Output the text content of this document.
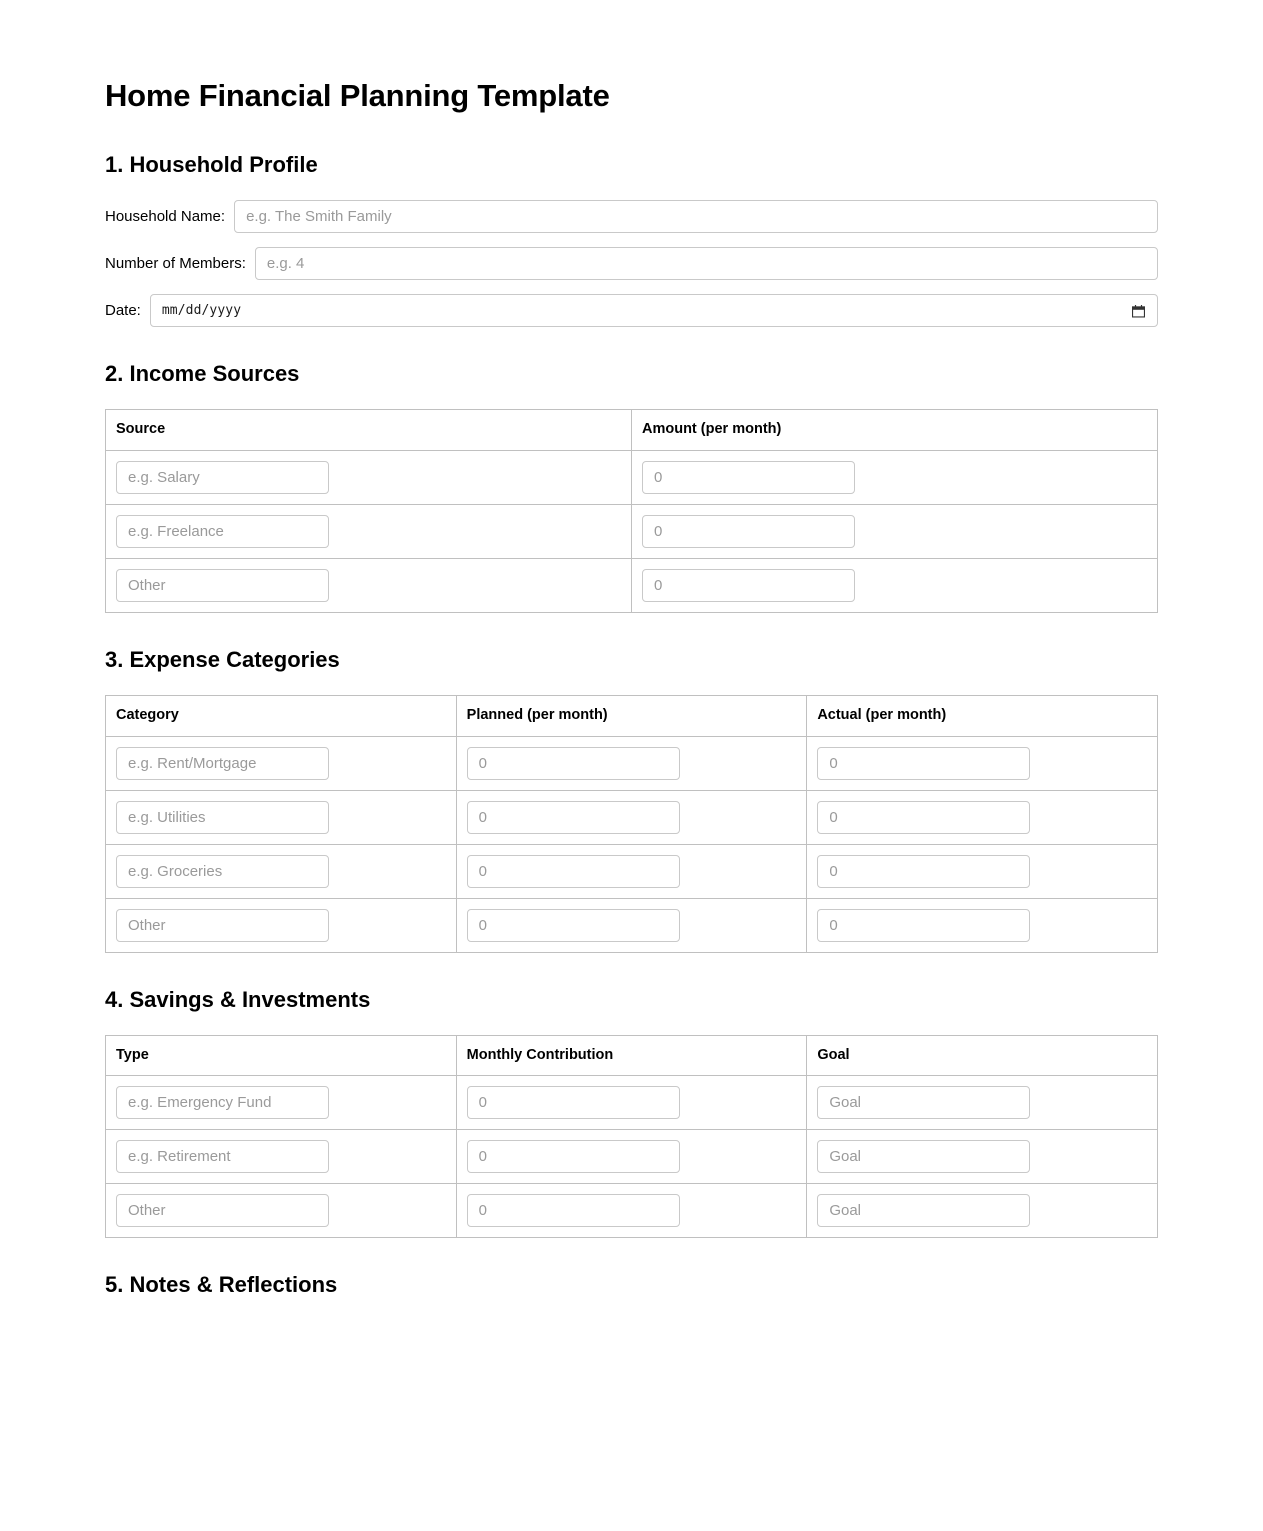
Home Financial Planning Template
1. Household Profile
Household Name:
e.g. The Smith Family
Number of Members:
e.g. 4
Date: mm/dd/yyyy
2. Income Sources
Source	Amount (per month)
e.g. Salary	0
e.g. Freelance	0
Other	0
3. Expense Categories
Category	Planned (per month)	Actual (per month)
e.g. Rent/Mortgage	0	0
e.g. Utilities	0	0
e.g. Groceries	0	0
Other	0	0
4. Savings & Investments
Type	Monthly Contribution	Goal
e.g. Emergency Fund	0	Goal
e.g. Retirement	0	Goal
Other	0	Goal
5. Notes & Reflections
